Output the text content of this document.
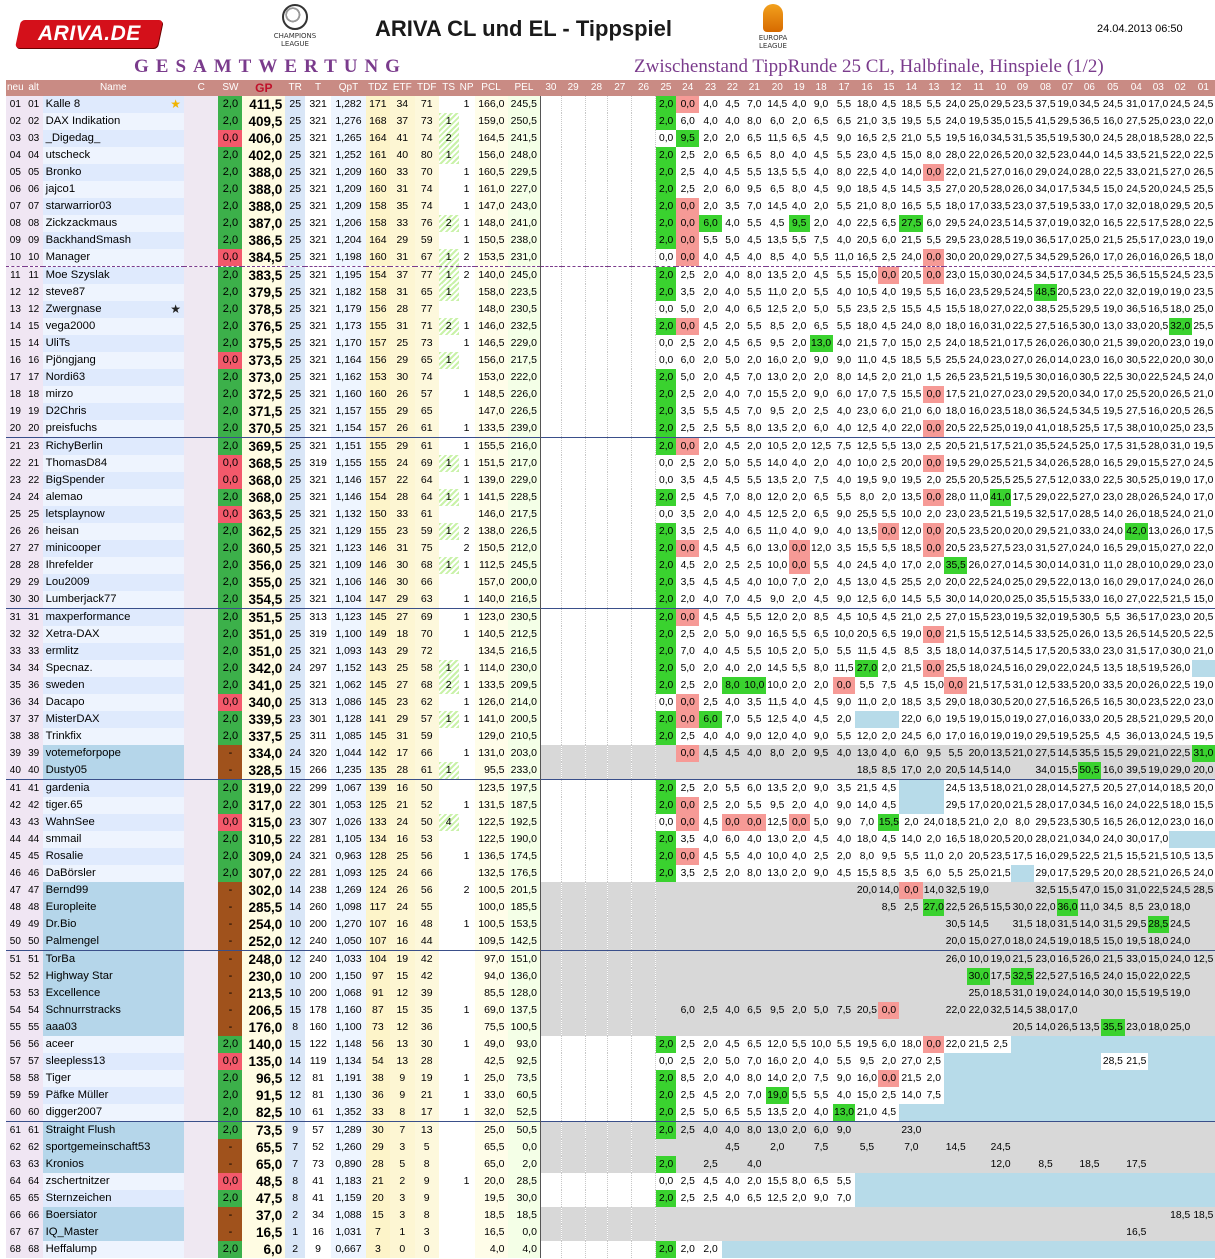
ARIVA.DE	CHAMPIONS LEAGUE
ARIVA CL und EL - Tippspiel	EUROPA LEAGUE
24.04.2013 06:50
GESAMTWERTUNG	Zwischenstand TippRunde 25 CL, Halbfinale, Hinspiele (1/2)
neu	alt	Name	C	SW	GP	TR	T	QpT	TDZ	ETF	TDF	TS	NP	PCL	PEL	30	29	28	27	26	25	24	23	22	21	20	19	18	17	16	15	14	13	12	11	10	09	08	07	06	05	04	03	02	01
01	01	Kalle 8 ★		2,0	411,5	25	321	1,282	171	34	71		1	166,0	245,5						2,0	0,0	4,0	4,5	7,0	14,5	4,0	9,0	5,5	18,0	4,5	18,5	5,5	24,0	25,0	29,5	23,5	37,5	19,0	34,5	24,5	31,0	17,0	24,5	24,5
02	02	DAX Indikation		2,0	409,5	25	321	1,276	168	37	73	1		159,0	250,5						2,0	6,0	4,0	4,0	8,0	6,0	2,0	6,5	6,5	21,0	3,5	19,5	5,5	24,0	19,5	35,0	15,5	41,5	29,5	36,5	16,0	27,5	25,0	23,0	22,0
03	03	_Digedag_		0,0	406,0	25	321	1,265	164	41	74	2		164,5	241,5						0,0	9,5	2,0	2,0	6,5	11,5	6,5	4,5	9,0	16,5	2,5	21,0	5,5	19,5	16,0	34,5	31,5	35,5	19,5	30,0	24,5	28,0	18,5	28,0	22,5
04	04	utscheck		2,0	402,0	25	321	1,252	161	40	80	1		156,0	248,0						2,0	2,5	2,0	6,5	6,5	8,0	4,0	4,5	5,5	23,0	4,5	15,0	8,0	28,0	22,0	26,5	20,0	32,5	23,0	44,0	14,5	33,5	21,5	22,0	22,5
05	05	Bronko		2,0	388,0	25	321	1,209	160	33	70		1	160,5	229,5						2,0	2,5	4,0	4,5	5,5	13,5	5,5	4,0	8,0	22,5	4,0	14,0	0,0	22,0	21,5	27,0	16,0	29,0	24,0	28,0	22,5	33,0	21,5	27,0	26,5
06	06	jajco1		2,0	388,0	25	321	1,209	160	31	74		1	161,0	227,0						2,0	2,5	2,0	6,0	9,5	6,5	8,0	4,5	9,0	18,5	4,5	14,5	3,5	27,0	20,5	28,0	26,0	34,0	17,5	34,5	15,0	24,5	20,0	24,5	25,5
07	07	starwarrior03		2,0	388,0	25	321	1,209	158	35	74		1	147,0	243,0						2,0	0,0	2,0	3,5	7,0	14,5	4,0	2,0	5,5	21,0	8,0	16,5	5,5	18,0	17,0	33,5	23,0	37,5	19,5	33,0	17,0	32,0	18,0	29,5	20,5
08	08	Zickzackmaus		2,0	387,0	25	321	1,206	158	33	76	2	1	148,0	241,0						2,0	0,0	6,0	4,0	5,5	4,5	9,5	2,0	4,0	22,5	6,5	27,5	6,0	29,5	24,0	23,5	14,5	37,0	19,0	32,0	16,5	22,5	17,5	28,0	22,5
09	09	BackhandSmash		2,0	386,5	25	321	1,204	164	29	59		1	150,5	238,0						2,0	0,0	5,5	5,0	4,5	13,5	5,5	7,5	4,0	20,5	6,0	21,5	5,5	29,5	23,0	28,5	19,0	36,5	17,0	25,0	21,5	25,5	17,0	23,0	19,0
10	10	Manager		0,0	384,5	25	321	1,198	160	31	67	1	2	153,5	231,0						0,0	0,0	4,0	4,5	4,0	8,5	4,0	5,5	11,0	16,5	2,5	24,0	0,0	30,0	20,0	29,0	27,5	34,5	29,5	26,0	17,0	26,0	16,0	26,5	18,0
11	11	Moe Szyslak		2,0	383,5	25	321	1,195	154	37	77	1	2	140,0	245,0						2,0	2,5	2,0	4,0	8,0	13,5	2,0	4,5	5,5	15,0	0,0	20,5	0,0	23,0	15,0	30,0	24,5	34,5	17,0	34,5	25,5	36,5	15,5	24,5	23,5
12	12	steve87		2,0	379,5	25	321	1,182	158	31	65	1		158,0	223,5						2,0	3,5	2,0	4,0	5,5	11,0	2,0	5,5	4,0	10,5	4,0	19,5	5,5	16,0	23,5	29,5	24,5	48,5	20,5	23,0	22,0	32,0	19,0	19,0	23,5
13	12	Zwergnase ★		2,0	378,5	25	321	1,179	156	28	77			148,0	230,5						0,0	5,0	2,0	4,0	6,5	12,5	2,0	5,0	5,5	23,5	2,5	15,5	4,5	15,5	18,0	27,0	22,0	38,5	25,5	29,5	19,0	36,5	16,5	18,0	25,0
14	15	vega2000		2,0	376,5	25	321	1,173	155	31	71	2	1	146,0	232,5						2,0	0,0	4,5	2,0	5,5	8,5	2,0	6,5	5,5	18,0	4,5	24,0	8,0	18,0	16,0	31,0	22,5	27,5	16,5	30,0	13,0	33,0	20,5	32,0	25,5
15	14	UliTs		2,0	375,5	25	321	1,170	157	25	73		1	146,5	229,0						0,0	2,5	2,0	4,5	6,5	9,5	2,0	13,0	4,0	21,5	7,0	15,0	2,5	24,0	18,5	21,0	17,5	26,0	26,0	30,0	21,5	39,0	20,0	23,0	19,0
16	16	Pjöngjang		0,0	373,5	25	321	1,164	156	29	65	1		156,0	217,5						0,0	6,0	2,0	5,0	2,0	16,0	2,0	9,0	9,0	11,0	4,5	18,5	5,5	25,5	24,0	23,0	27,0	26,0	14,0	23,0	16,0	30,5	22,0	20,0	30,0
17	17	Nordi63		2,0	373,0	25	321	1,162	153	30	74			153,0	222,0						2,0	5,0	2,0	4,5	7,0	13,0	2,0	2,0	8,0	14,5	2,0	21,0	1,5	26,5	23,5	21,5	19,5	30,0	16,0	30,5	22,5	30,0	22,5	24,5	24,0
18	18	mirzo		2,0	372,5	25	321	1,160	160	26	57		1	148,5	226,0						2,0	2,5	2,0	4,0	7,0	15,5	2,0	9,0	6,0	17,0	7,5	15,5	0,0	17,5	21,0	27,0	23,0	29,5	20,0	34,0	17,0	25,5	20,0	26,5	21,0
19	19	D2Chris		2,0	371,5	25	321	1,157	155	29	65			147,0	226,5						2,0	3,5	5,5	4,5	7,0	9,5	2,0	2,5	4,0	23,0	6,0	21,0	6,0	18,0	16,0	23,5	18,0	36,5	24,5	34,5	19,5	27,5	16,0	20,5	26,5
20	20	preisfuchs		2,0	370,5	25	321	1,154	157	26	61		1	133,5	239,0						2,0	2,5	2,5	5,5	8,0	13,5	2,0	6,0	4,0	12,5	4,0	22,0	0,0	20,5	22,5	25,0	19,0	41,0	18,5	25,5	17,5	38,0	10,0	25,0	23,5
21	23	RichyBerlin		2,0	369,5	25	321	1,151	155	29	61		1	155,5	216,0						2,0	0,0	2,0	4,5	2,0	10,5	2,0	12,5	7,5	12,5	5,5	13,0	2,5	20,5	21,5	17,5	21,0	35,5	24,5	25,0	17,5	31,5	28,0	31,0	19,5
22	21	ThomasD84		0,0	368,5	25	319	1,155	155	24	69	1	1	151,5	217,0						0,0	2,5	2,0	5,0	5,5	14,0	4,0	2,0	4,0	10,0	2,5	20,0	0,0	19,5	29,0	25,5	21,5	34,0	26,5	28,0	16,5	29,0	15,5	27,0	24,5
23	22	BigSpender		0,0	368,0	25	321	1,146	157	22	64		1	139,0	229,0						0,0	3,5	4,5	4,5	5,5	13,5	2,0	7,5	4,0	19,5	9,0	19,5	2,0	25,5	20,5	25,5	25,5	27,5	12,0	33,0	22,5	30,5	25,0	19,0	17,0
24	24	alemao		2,0	368,0	25	321	1,146	154	28	64	1	1	141,5	228,5						2,0	2,5	4,5	7,0	8,0	12,0	2,0	6,5	5,5	8,0	2,0	13,5	0,0	28,0	11,0	41,0	17,5	29,0	22,5	27,0	23,0	28,0	26,5	24,0	17,0
25	25	letsplaynow		0,0	363,5	25	321	1,132	150	33	61			146,0	217,5						0,0	3,5	2,0	4,0	4,5	12,5	2,0	6,5	9,0	25,5	5,5	10,0	2,0	23,0	23,5	21,5	19,5	32,5	17,0	28,5	14,0	26,0	18,5	24,0	21,0
26	26	heisan		2,0	362,5	25	321	1,129	155	23	59	1	2	138,0	226,5						2,0	3,5	2,5	4,0	6,5	11,0	4,0	9,0	4,0	13,5	0,0	12,0	0,0	20,5	23,5	20,0	20,0	29,5	21,0	33,0	24,0	42,0	13,0	26,0	17,5
27	27	minicooper		2,0	360,5	25	321	1,123	146	31	75		2	150,5	212,0						2,0	0,0	4,5	4,5	6,0	13,0	0,0	12,0	3,5	15,5	5,5	18,5	0,0	20,5	23,5	27,5	23,0	31,5	27,0	24,0	16,5	29,0	15,0	27,0	22,0
28	28	Ihrefelder		2,0	356,0	25	321	1,109	146	30	68	1	1	112,5	245,5						2,0	4,5	2,0	2,5	2,5	10,0	0,0	5,5	4,0	24,5	4,0	17,0	2,0	35,5	26,0	27,0	14,5	30,0	14,0	31,0	11,0	28,0	10,0	29,0	23,0
29	29	Lou2009		2,0	355,0	25	321	1,106	146	30	66			157,0	200,0						2,0	3,5	4,5	4,5	4,0	10,0	7,0	2,0	4,5	13,0	4,5	25,5	2,0	20,0	22,5	24,0	25,0	29,5	22,0	13,0	16,0	29,0	17,0	24,0	26,0
30	30	Lumberjack77		2,0	354,5	25	321	1,104	147	29	63		1	140,0	216,5						2,0	2,0	4,0	7,0	4,5	9,0	2,0	4,5	9,0	12,5	6,0	14,5	5,5	30,0	14,0	20,0	25,0	35,5	15,5	33,0	16,0	27,0	22,5	21,5	15,0
31	31	maxperformance		2,0	351,5	25	313	1,123	145	27	69		1	123,0	230,5						2,0	0,0	4,5	4,5	5,5	12,0	2,0	8,5	4,5	10,5	4,5	21,0	2,5	27,0	15,5	23,0	19,5	32,0	19,5	30,5	5,5	36,5	17,0	23,0	20,5
32	32	Xetra-DAX		2,0	351,0	25	319	1,100	149	18	70		1	140,5	212,5						2,0	2,5	2,0	5,0	9,0	16,5	5,5	6,5	10,0	20,5	6,5	19,0	0,0	21,5	15,5	12,5	14,5	33,5	25,0	26,0	13,5	26,5	14,5	20,5	22,5
33	33	ermlitz		2,0	351,0	25	321	1,093	143	29	72			134,5	216,5						2,0	7,0	4,0	4,5	5,5	10,5	2,0	5,0	5,5	11,5	4,5	8,5	3,5	18,0	14,0	37,5	14,5	17,5	20,5	33,0	23,0	31,5	17,0	30,0	21,0
34	34	Specnaz.		2,0	342,0	24	297	1,152	143	25	58	1	1	114,0	230,0						2,0	5,0	2,0	4,0	2,0	14,5	5,5	8,0	11,5	27,0	2,0	21,5	0,0	25,5	18,0	24,5	16,0	29,0	22,0	24,5	13,5	18,5	19,5	26,0	
35	36	sweden		2,0	341,0	25	321	1,062	145	27	68	2	1	133,5	209,5						2,0	2,5	2,0	8,0	10,0	10,0	2,0	2,0	0,0	5,5	7,5	4,5	15,0	0,0	21,5	17,5	31,0	12,5	33,5	20,0	33,5	20,0	26,0	22,5	19,0
36	34	Dacapo		0,0	340,0	25	313	1,086	145	23	62		1	126,0	214,0						0,0	0,0	2,5	4,0	3,5	11,5	4,0	4,5	9,0	11,0	2,0	18,5	3,5	29,0	18,0	30,5	20,0	27,5	16,5	26,5	16,5	30,0	23,5	22,0	23,0
37	37	MisterDAX		2,0	339,5	23	301	1,128	141	29	57	1	1	141,0	200,5						2,0	0,0	6,0	7,0	5,5	12,5	4,0	4,5	2,0			22,0	6,0	19,5	19,0	15,0	19,0	27,0	16,0	33,0	20,5	28,5	21,0	29,5	20,0
38	38	Trinkfix		2,0	337,5	25	311	1,085	145	31	59			129,0	210,5						2,0	2,5	4,0	4,0	9,0	12,0	4,0	9,0	5,5	12,0	2,0	24,5	6,0	17,0	16,0	19,0	19,0	29,5	19,5	25,5	4,5	36,0	13,0	24,5	19,5
39	39	votemeforpope		-	334,0	24	320	1,044	142	17	66		1	131,0	203,0							0,0	4,5	4,5	4,0	8,0	2,0	9,5	4,0	13,0	4,0	6,0	9,5	5,5	20,0	13,5	21,0	27,5	14,5	35,5	15,5	29,0	21,0	22,5	31,0
40	40	Dusty05		-	328,5	15	266	1,235	135	28	61	1		95,5	233,0															18,5	8,5	17,0	2,0	20,5	14,5	14,0		34,0	15,5	50,5	16,0	39,5	19,0	29,0	20,0
41	41	gardenia		2,0	319,0	22	299	1,067	139	16	50			123,5	197,5						2,0	2,5	2,0	5,5	6,0	13,5	2,0	9,0	3,5	21,5	4,5			24,5	13,5	18,0	21,0	28,0	14,5	27,5	20,5	27,0	14,0	18,5	20,0
42	42	tiger.65		2,0	317,0	22	301	1,053	125	21	52		1	131,5	187,5						2,0	0,0	2,5	2,0	5,5	9,5	2,0	4,0	9,0	14,0	4,5			29,5	17,0	20,0	21,5	28,0	17,0	34,5	16,0	24,0	22,5	18,0	15,5
43	43	WahnSee		0,0	315,0	23	307	1,026	133	24	50	4		122,5	192,5						0,0	0,0	4,5	0,0	0,0	12,5	0,0	5,0	9,0	7,0	15,5	2,0	24,0	18,5	21,0	2,0	8,0	29,5	23,5	30,5	16,5	26,0	12,0	23,0	16,0
44	44	smmail		2,0	310,5	22	281	1,105	134	16	53			122,5	190,0						2,0	3,5	4,0	6,0	4,0	13,0	2,0	4,5	4,0	18,0	4,5	14,0	2,0	16,5	18,0	20,5	20,0	28,0	21,0	34,0	24,0	30,0	17,0		
45	45	Rosalie		2,0	309,0	24	321	0,963	128	25	56		1	136,5	174,5						2,0	0,0	4,5	5,5	4,0	10,0	4,0	2,5	2,0	8,0	9,5	5,5	11,0	2,0	20,5	23,5	17,5	16,0	29,5	22,5	21,5	15,5	21,5	10,5	13,5
46	46	DaBörsler		2,0	307,0	22	281	1,093	125	24	66			132,5	176,5						2,0	3,5	2,5	2,0	8,0	13,0	2,0	9,0	4,5	15,5	8,5	3,5	6,0	5,5	25,0	21,5		29,0	17,5	29,5	20,0	28,5	21,0	26,5	24,0
47	47	Bernd99		-	302,0	14	238	1,269	124	26	56		2	100,5	201,5															20,0	14,0	0,0	14,0	32,5	19,0			32,5	15,5	47,0	15,0	31,0	22,5	24,5	28,5
48	48	Europleite		-	285,5	14	260	1,098	117	24	55			100,0	185,5																8,5	2,5	27,0	22,5	26,5	15,5	30,0	22,0	36,0	11,0	34,5	8,5	23,0	18,0	
49	49	Dr.Bio		-	254,0	10	200	1,270	107	16	48		1	100,5	153,5																			30,5	14,5		31,5	18,0	31,5	14,0	31,5	29,5	28,5	24,5	
50	50	Palmengel		-	252,0	12	240	1,050	107	16	44			109,5	142,5																			20,0	15,0	27,0	18,0	24,5	19,0	18,5	15,0	19,5	18,0	24,0	
51	51	TorBa		-	248,0	12	240	1,033	104	19	42			97,0	151,0																			26,0	10,0	19,0	21,5	23,0	16,5	26,0	21,5	33,0	15,0	24,0	12,5
52	52	Highway Star		-	230,0	10	200	1,150	97	15	42			94,0	136,0																				30,0	17,5	32,5	22,5	27,5	16,5	24,0	15,0	22,0	22,5	
53	53	Excellence		-	213,5	10	200	1,068	91	12	39			85,5	128,0																				25,0	18,5	31,0	19,0	24,0	14,0	30,0	15,5	19,5	19,0	
54	54	Schnurrstracks		-	206,5	15	178	1,160	87	15	35		1	69,0	137,5							6,0	2,5	4,0	6,5	9,5	2,0	5,0	7,5	20,5	0,0			22,0	22,0	32,5	14,5	38,0	17,0						
55	55	aaa03		-	176,0	8	160	1,100	73	12	36			75,5	100,5																						20,5	14,0	26,5	13,5	35,5	23,0	18,0	25,0	
56	56	aceer		2,0	140,0	15	122	1,148	56	13	30		1	49,0	93,0						2,0	2,5	2,0	4,5	6,5	12,0	5,5	10,0	5,5	19,5	6,0	18,0	0,0	22,0	21,5	2,5									
57	57	sleepless13		0,0	135,0	14	119	1,134	54	13	28			42,5	92,5						0,0	2,5	2,0	5,0	7,0	16,0	2,0	4,0	5,5	9,5	2,0	27,0	2,5								28,5	21,5			
58	58	Tiger		2,0	96,5	12	81	1,191	38	9	19		1	25,0	73,5						2,0	8,5	2,0	4,0	8,0	14,0	2,0	7,5	9,0	16,0	0,0	21,5	2,0												
59	59	Päfke Müller		2,0	91,5	12	81	1,130	36	9	21		1	33,0	60,5						2,0	2,5	4,5	2,0	7,0	19,0	5,5	5,5	4,0	15,0	2,5	14,0	7,5												
60	60	digger2007		2,0	82,5	10	61	1,352	33	8	17		1	32,0	52,5						2,0	2,5	5,0	6,5	5,5	13,5	2,0	4,0	13,0	21,0	4,5														
61	61	Straight Flush		2,0	73,5	9	57	1,289	30	7	13			25,0	50,5						2,0	2,5	4,0	4,0	8,0	13,0	2,0	6,0	9,0			23,0													
62	62	sportgemeinschaft53		-	65,5	7	52	1,260	29	3	5			65,5	0,0									4,5		2,0		7,5		5,5		7,0		14,5		24,5									
63	63	Kronios		-	65,0	7	73	0,890	28	5	8			65,0	2,0						2,0		2,5		4,0											12,0		8,5		18,5		17,5			
64	64	zschertnitzer		0,0	48,5	8	41	1,183	21	2	9		1	20,0	28,5						0,0	2,5	4,5	4,0	2,0	15,5	8,0	6,5	5,5																
65	65	Sternzeichen		2,0	47,5	8	41	1,159	20	3	9			19,5	30,0						2,0	2,5	2,5	4,0	6,5	12,5	2,0	9,0	7,0																
66	66	Boersiator		-	37,0	2	34	1,088	15	3	8			18,5	18,5																													18,5	18,5
67	67	IQ_Master		-	16,5	1	16	1,031	7	1	3			16,5	0,0																											16,5			
68	68	Heffalump		2,0	6,0	2	9	0,667	3	0	0			4,0	4,0						2,0	2,0	2,0																						
